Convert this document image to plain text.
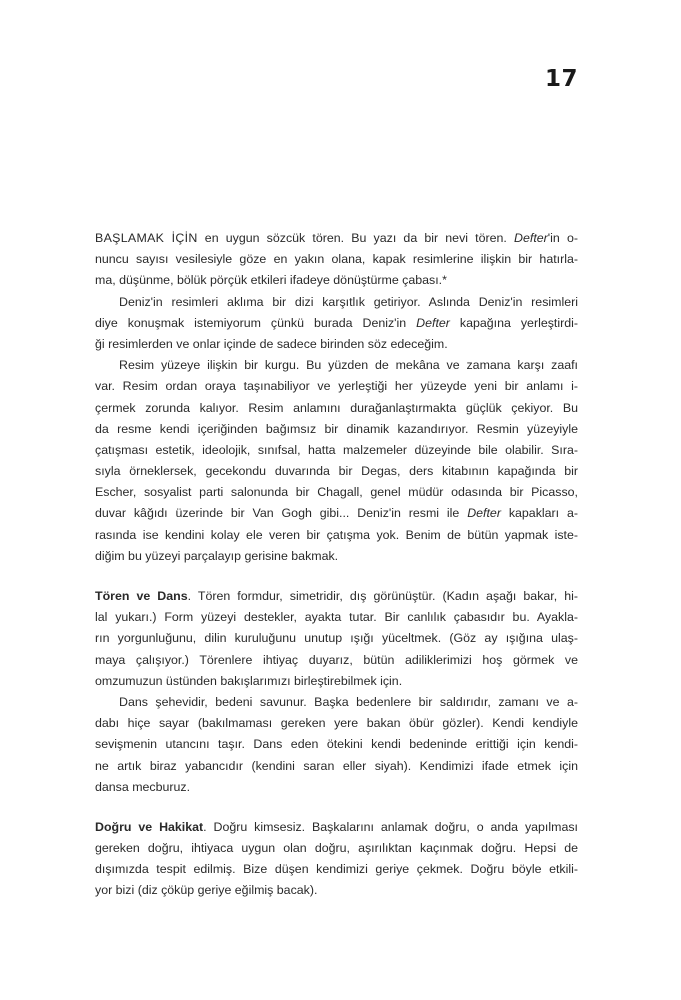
17
BAŞLAMAK İÇİN en uygun sözcük tören. Bu yazı da bir nevi tören. Defter'in o-
nuncu sayısı vesilesiyle göze en yakın olana, kapak resimlerine ilişkin bir hatırla-
ma, düşünme, bölük pörçük etkileri ifadeye dönüştürme çabası.*
Deniz'in resimleri aklıma bir dizi karşıtlık getiriyor. Aslında Deniz'in resimleri
diye konuşmak istemiyorum çünkü burada Deniz'in Defter kapağına yerleştirdi-
ği resimlerden ve onlar içinde de sadece birinden söz edeceğim.
Resim yüzeye ilişkin bir kurgu. Bu yüzden de mekâna ve zamana karşı zaafı
var. Resim ordan oraya taşınabiliyor ve yerleştiği her yüzeyde yeni bir anlamı i-
çermek zorunda kalıyor. Resim anlamını durağanlaştırmakta güçlük çekiyor. Bu
da resme kendi içeriğinden bağımsız bir dinamik kazandırıyor. Resmin yüzeyiyle
çatışması estetik, ideolojik, sınıfsal, hatta malzemeler düzeyinde bile olabilir. Sıra-
sıyla örneklersek, gecekondu duvarında bir Degas, ders kitabının kapağında bir
Escher, sosyalist parti salonunda bir Chagall, genel müdür odasında bir Picasso,
duvar kâğıdı üzerinde bir Van Gogh gibi... Deniz'in resmi ile Defter kapakları a-
rasında ise kendini kolay ele veren bir çatışma yok. Benim de bütün yapmak iste-
diğim bu yüzeyi parçalayıp gerisine bakmak.
Tören ve Dans. Tören formdur, simetridir, dış görünüştür. (Kadın aşağı bakar, hi-
lal yukarı.) Form yüzeyi destekler, ayakta tutar. Bir canlılık çabasıdır bu. Ayakla-
rın yorgunluğunu, dilin kuruluğunu unutup ışığı yüceltmek. (Göz ay ışığına ulaş-
maya çalışıyor.) Törenlere ihtiyaç duyarız, bütün adiliklerimizi hoş görmek ve
omzumuzun üstünden bakışlarımızı birleştirebilmek için.
Dans şehevidir, bedeni savunur. Başka bedenlere bir saldırıdır, zamanı ve a-
dabı hiçe sayar (bakılmaması gereken yere bakan öbür gözler). Kendi kendiyle
sevişmenin utancını taşır. Dans eden ötekini kendi bedeninde erittiği için kendi-
ne artık biraz yabancıdır (kendini saran eller siyah). Kendimizi ifade etmek için
dansa mecburuz.
Doğru ve Hakikat. Doğru kimsesiz. Başkalarını anlamak doğru, o anda yapılması
gereken doğru, ihtiyaca uygun olan doğru, aşırılıktan kaçınmak doğru. Hepsi de
dışımızda tespit edilmiş. Bize düşen kendimizi geriye çekmek. Doğru böyle etkili-
yor bizi (diz çöküp geriye eğilmiş bacak).
